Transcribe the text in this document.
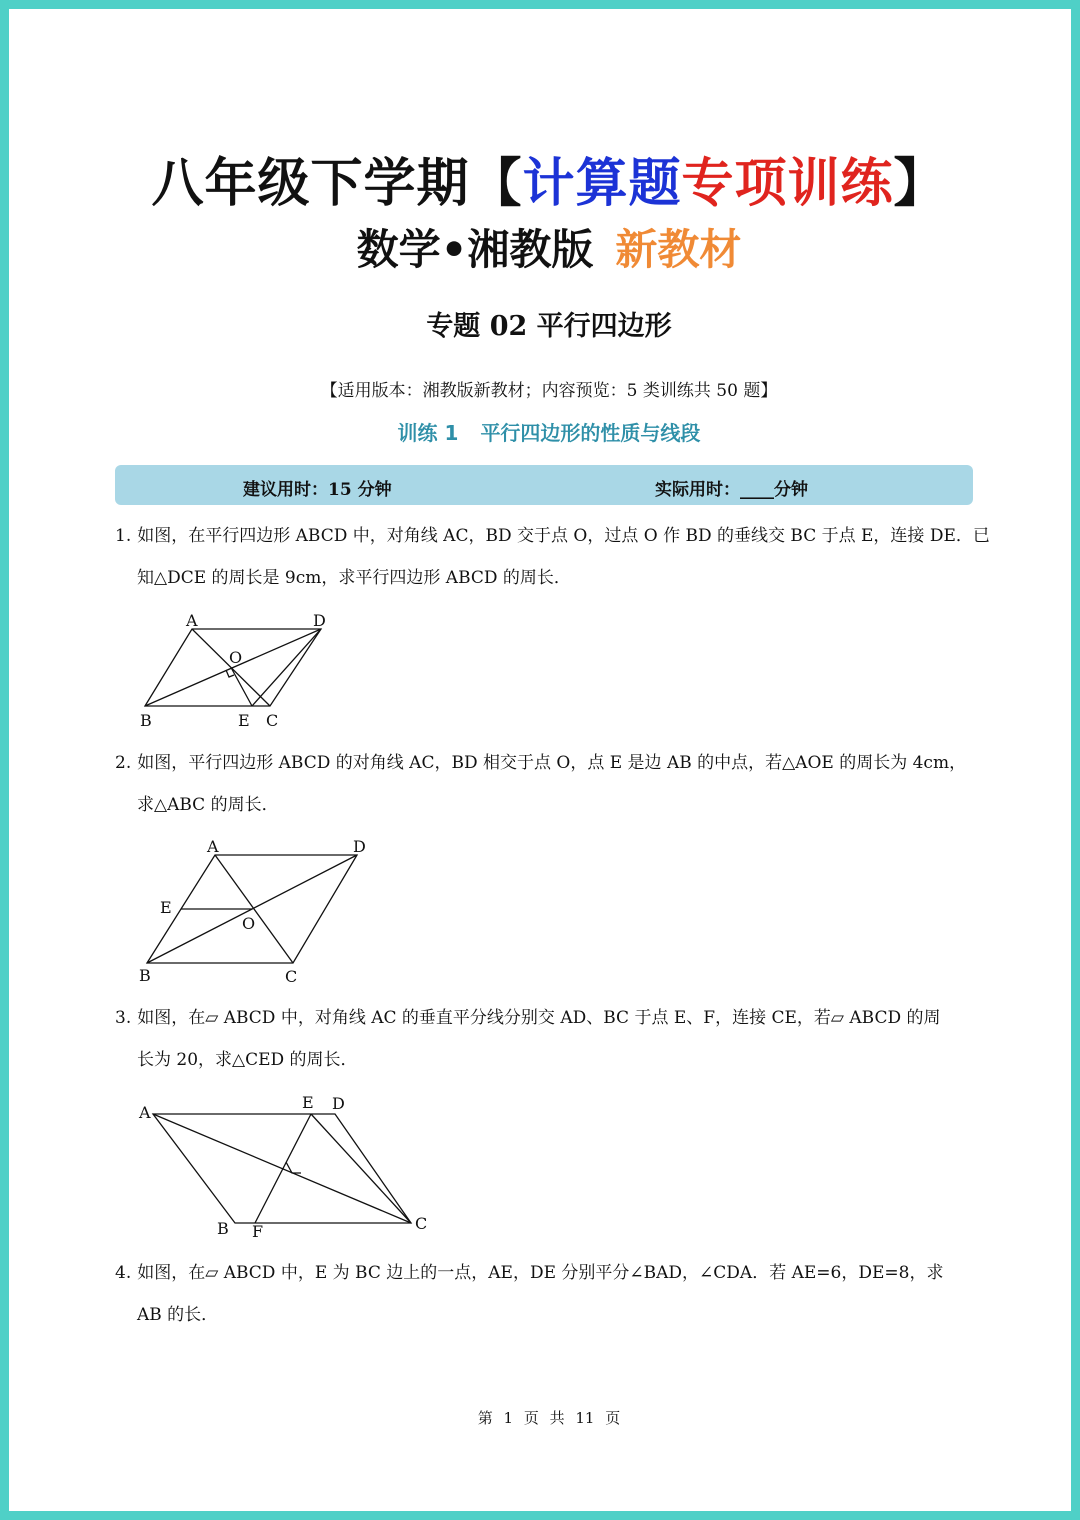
八年级下学期【计算题专项训练】
数学•湘教版 新教材
专题 02 平行四边形
【适用版本：湘教版新教材；内容预览：5 类训练共 50 题】
训练 1 平行四边形的性质与线段
建议用时：15 分钟	实际用时：____分钟
1. 如图，在平行四边形 ABCD 中，对角线 AC，BD 交于点 O，过点 O 作 BD 的垂线交 BC 于点 E，连接 DE．已
知△DCE 的周长是 9cm，求平行四边形 ABCD 的周长．
A	D
O
B	E C
2. 如图，平行四边形 ABCD 的对角线 AC，BD 相交于点 O，点 E 是边 AB 的中点，若△AOE 的周长为 4cm，
求△ABC 的周长．
A	D
E
O
B	C
3. 如图，在▱ ABCD 中，对角线 AC 的垂直平分线分别交 AD、BC 于点 E、F，连接 CE，若▱ ABCD 的周
长为 20，求△CED 的周长．
A
E D
C
B F
4. 如图，在▱ ABCD 中，E 为 BC 边上的一点，AE，DE 分别平分∠BAD，∠CDA．若 AE=6，DE=8，求
AB 的长．
第 1 页 共 11 页
